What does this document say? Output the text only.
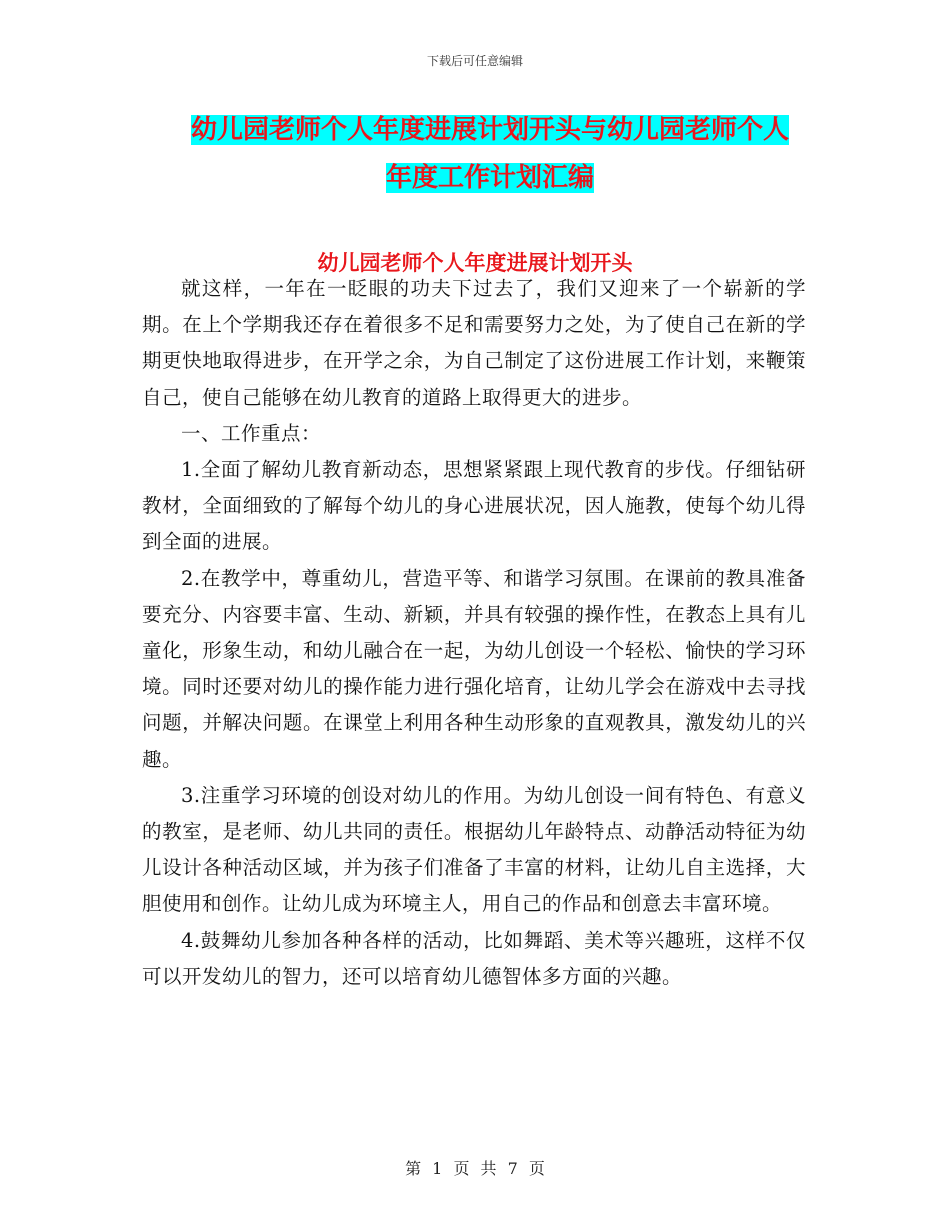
下载后可任意编辑
幼儿园老师个人年度进展计划开头与幼儿园老师个人
年度工作计划汇编
幼儿园老师个人年度进展计划开头

就这样，一年在一眨眼的功夫下过去了，我们又迎来了一个崭新的学期。在上个学期我还存在着很多不足和需要努力之处，为了使自己在新的学期更快地取得进步，在开学之余，为自己制定了这份进展工作计划，来鞭策自己，使自己能够在幼儿教育的道路上取得更大的进步。

一、工作重点：

1.全面了解幼儿教育新动态，思想紧紧跟上现代教育的步伐。仔细钻研教材，全面细致的了解每个幼儿的身心进展状况，因人施教，使每个幼儿得到全面的进展。

2.在教学中，尊重幼儿，营造平等、和谐学习氛围。在课前的教具准备要充分、内容要丰富、生动、新颖，并具有较强的操作性，在教态上具有儿童化，形象生动，和幼儿融合在一起，为幼儿创设一个轻松、愉快的学习环境。同时还要对幼儿的操作能力进行强化培育，让幼儿学会在游戏中去寻找问题，并解决问题。在课堂上利用各种生动形象的直观教具，激发幼儿的兴趣。

3.注重学习环境的创设对幼儿的作用。为幼儿创设一间有特色、有意义的教室，是老师、幼儿共同的责任。根据幼儿年龄特点、动静活动特征为幼儿设计各种活动区域，并为孩子们准备了丰富的材料，让幼儿自主选择，大胆使用和创作。让幼儿成为环境主人，用自己的作品和创意去丰富环境。

4.鼓舞幼儿参加各种各样的活动，比如舞蹈、美术等兴趣班，这样不仅可以开发幼儿的智力，还可以培育幼儿德智体多方面的兴趣。

第 1 页 共 7 页
